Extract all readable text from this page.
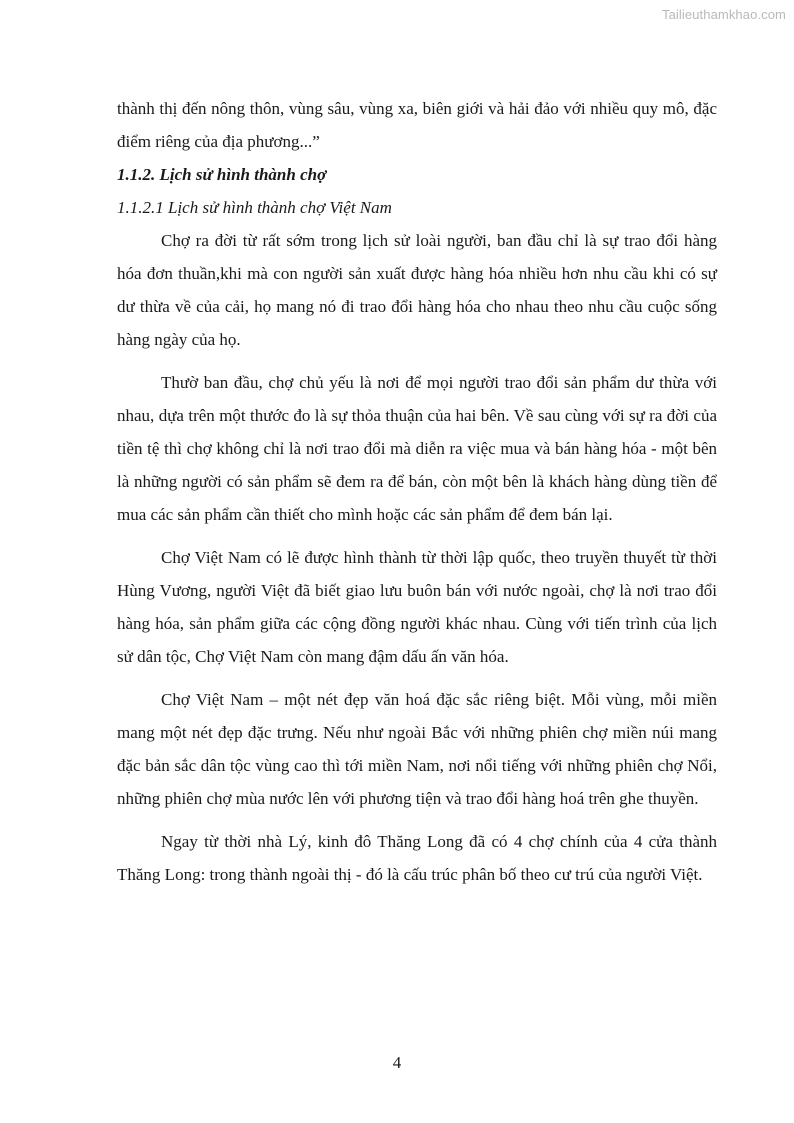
Tailieuthamkhao.com

thành thị đến nông thôn, vùng sâu, vùng xa, biên giới và hải đảo với nhiều quy mô, đặc điểm riêng của địa phương...”

1.1.2. Lịch sử hình thành chợ

1.1.2.1 Lịch sử hình thành chợ Việt Nam

Chợ ra đời từ rất sớm trong lịch sử loài người, ban đầu chỉ là sự trao đổi hàng hóa đơn thuần,khi mà con người sản xuất được hàng hóa nhiều hơn nhu cầu khi có sự dư thừa về của cải, họ mang nó đi trao đổi hàng hóa cho nhau theo nhu cầu cuộc sống hàng ngày của họ.

Thườ ban đầu, chợ chủ yếu là nơi để mọi người trao đổi sản phẩm dư thừa với nhau, dựa trên một thước đo là sự thỏa thuận của hai bên. Về sau cùng với sự ra đời của tiền tệ thì chợ không chỉ là nơi trao đổi mà diễn ra việc mua và bán hàng hóa - một bên là những người có sản phẩm sẽ đem ra để bán, còn một bên là khách hàng dùng tiền để mua các sản phẩm cần thiết cho mình hoặc các sản phẩm để đem bán lại.

Chợ Việt Nam có lẽ được hình thành từ thời lập quốc, theo truyền thuyết từ thời Hùng Vương, người Việt đã biết giao lưu buôn bán với nước ngoài, chợ là nơi trao đổi hàng hóa, sản phẩm giữa các cộng đồng người khác nhau. Cùng với tiến trình của lịch sử dân tộc, Chợ Việt Nam còn mang đậm dấu ấn văn hóa.

Chợ Việt Nam – một nét đẹp văn hoá đặc sắc riêng biệt. Mỗi vùng, mỗi miền mang một nét đẹp đặc trưng. Nếu như ngoài Bắc với những phiên chợ miền núi mang đặc bản sắc dân tộc vùng cao thì tới miền Nam, nơi nổi tiếng với những phiên chợ Nổi, những phiên chợ mùa nước lên với phương tiện và trao đổi hàng hoá trên ghe thuyền.

Ngay từ thời nhà Lý, kinh đô Thăng Long đã có 4 chợ chính của 4 cửa thành Thăng Long: trong thành ngoài thị - đó là cấu trúc phân bố theo cư trú của người Việt.

4
